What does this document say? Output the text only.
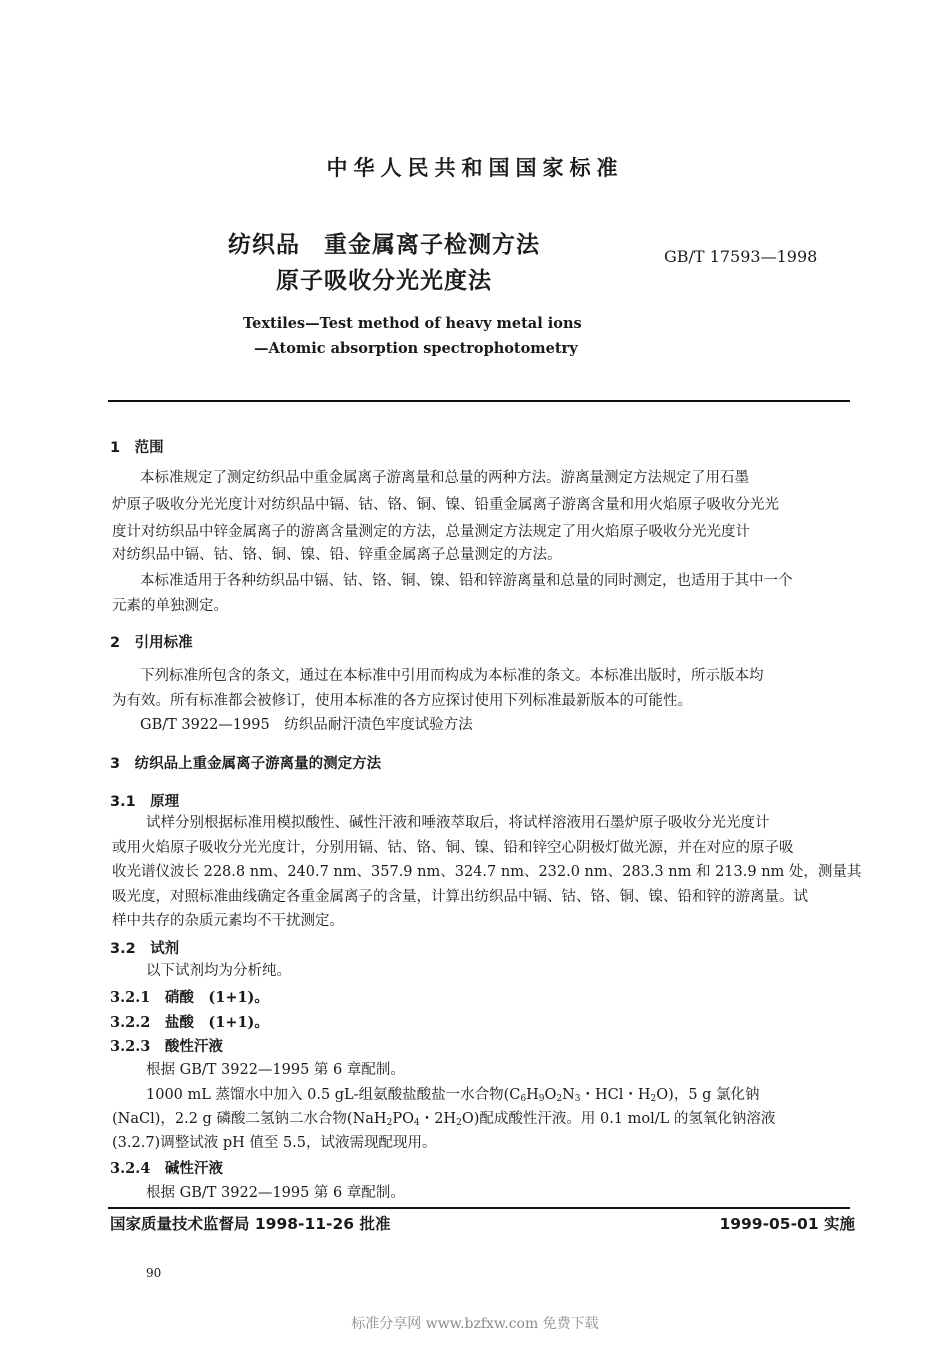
中华人民共和国国家标准
纺织品　重金属离子检测方法
原子吸收分光光度法
GB/T 17593—1998
Textiles—Test method of heavy metal ions
—Atomic absorption spectrophotometry
1　范围
本标准规定了测定纺织品中重金属离子游离量和总量的两种方法。游离量测定方法规定了用石墨
炉原子吸收分光光度计对纺织品中镉、钴、铬、铜、镍、铅重金属离子游离含量和用火焰原子吸收分光光
度计对纺织品中锌金属离子的游离含量测定的方法，总量测定方法规定了用火焰原子吸收分光光度计
对纺织品中镉、钴、铬、铜、镍、铅、锌重金属离子总量测定的方法。
本标准适用于各种纺织品中镉、钴、铬、铜、镍、铅和锌游离量和总量的同时测定，也适用于其中一个
元素的单独测定。
2　引用标准
下列标准所包含的条文，通过在本标准中引用而构成为本标准的条文。本标准出版时，所示版本均
为有效。所有标准都会被修订，使用本标准的各方应探讨使用下列标准最新版本的可能性。
GB/T 3922—1995　纺织品耐汗渍色牢度试验方法
3　纺织品上重金属离子游离量的测定方法
3.1　原理
试样分别根据标准用模拟酸性、碱性汗液和唾液萃取后，将试样溶液用石墨炉原子吸收分光光度计
或用火焰原子吸收分光光度计，分别用镉、钴、铬、铜、镍、铅和锌空心阴极灯做光源，并在对应的原子吸
收光谱仪波长 228.8 nm、240.7 nm、357.9 nm、324.7 nm、232.0 nm、283.3 nm 和 213.9 nm 处，测量其
吸光度，对照标准曲线确定各重金属离子的含量，计算出纺织品中镉、钴、铬、铜、镍、铅和锌的游离量。试
样中共存的杂质元素均不干扰测定。
3.2　试剂
以下试剂均为分析纯。
3.2.1　硝酸　(1+1)。
3.2.2　盐酸　(1+1)。
3.2.3　酸性汗液
根据 GB/T 3922—1995 第 6 章配制。
1000 mL 蒸馏水中加入 0.5 gL-组氨酸盐酸盐一水合物($C_6H_9O_2N_3$・HCl・$H_2O$)，5 g 氯化钠
(NaCl)，2.2 g 磷酸二氢钠二水合物($NaH_2PO_4$・$2H_2O$)配成酸性汗液。用 0.1 mol/L 的氢氧化钠溶液
(3.2.7)调整试液 pH 值至 5.5，试液需现配现用。
3.2.4　碱性汗液
根据 GB/T 3922—1995 第 6 章配制。
国家质量技术监督局 1998-11-26 批准	1999-05-01 实施
90
标准分享网 www.bzfxw.com 免费下载
